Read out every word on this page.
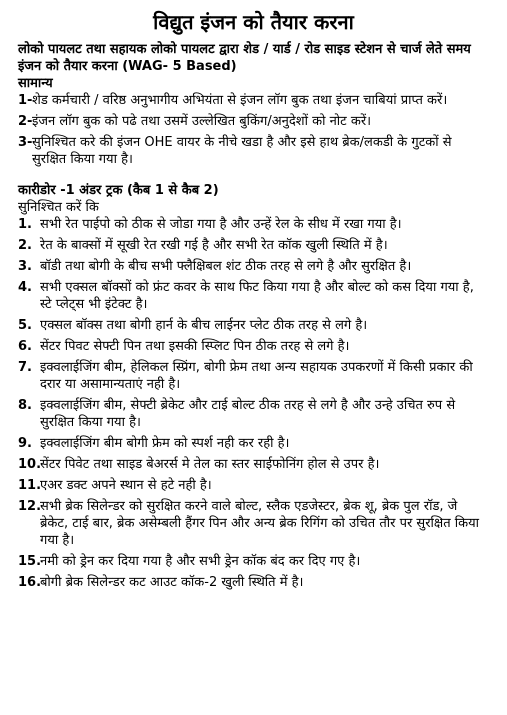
विद्युत इंजन को तैयार करना

लोको पायलट तथा सहायक लोको पायलट द्वारा शेड / यार्ड / रोड साइड स्टेशन से चार्ज लेते समय इंजन को तैयार करना (WAG- 5 Based)

सामान्य

1- शेड कर्मचारी / वरिष्ठ अनुभागीय अभियंता से इंजन लॉग बुक तथा इंजन चाबियां प्राप्त करें।
2- इंजन लॉग बुक को पढे तथा उसमें उल्लेखित बुकिंग/अनुदेशों को नोट करें।
3- सुनिश्चित करे की इंजन OHE वायर के नीचे खडा है और इसे हाथ ब्रेक/लकडी के गुटकों से सुरक्षित किया गया है।

कारीडोर -1 अंडर ट्रक (कैब 1 से कैब 2)

सुनिश्चित करें कि

1. सभी रेत पाईपो को ठीक से जोडा गया है और उन्हें रेल के सीध में रखा गया है।
2. रेत के बाक्सों में सूखी रेत रखी गई है और सभी रेत कॉक खुली स्थिति में है।
3. बॉडी तथा बोगी के बीच सभी फ्लैक्षिबल शंट ठीक तरह से लगे है और सुरक्षित है।
4. सभी एक्सल बॉक्सों को फ्रंट कवर के साथ फिट किया गया है और बोल्ट को कस दिया गया है, स्टे प्लेट्स भी इंटेक्ट है।
5. एक्सल बॉक्स तथा बोगी हार्न के बीच लाईनर प्लेट ठीक तरह से लगे है।
6. सेंटर पिवट सेफ्टी पिन तथा इसकी स्प्लिट पिन ठीक तरह से लगे है।
7. इक्वलाईजिंग बीम, हेलिकल स्प्रिंग, बोगी फ्रेम तथा अन्य सहायक उपकरणों में किसी प्रकार की दरार या असामान्यताएं नही है।
8. इक्वलाईजिंग बीम, सेफ्टी ब्रेकेट और टाई बोल्ट ठीक तरह से लगे है और उन्हे उचित रुप से सुरक्षित किया गया है।
9. इक्वलाईजिंग बीम बोगी फ्रेम को स्पर्श नही कर रही है।
10.
सेंटर पिवेट तथा साइड बेअरर्स मे तेल का स्तर साईफोनिंग होल से उपर है।
11.
एअर डक्ट अपने स्थान से हटे नही है।
12.
सभी ब्रेक सिलेन्डर को सुरक्षित करने वाले बोल्ट, स्लैक एडजेस्टर, ब्रेक शू, ब्रेक पुल रॉड, जे ब्रेकेट, टाई बार, ब्रेक असेम्बली हैंगर पिन और अन्य ब्रेक रिगिंग को उचित तौर पर सुरक्षित किया गया है।
15.
नमी को ड्रेन कर दिया गया है और सभी ड्रेन कॉक बंद कर दिए गए है।
16.
बोगी ब्रेक सिलेन्डर कट आउट कॉक-2 खुली स्थिति में है।
